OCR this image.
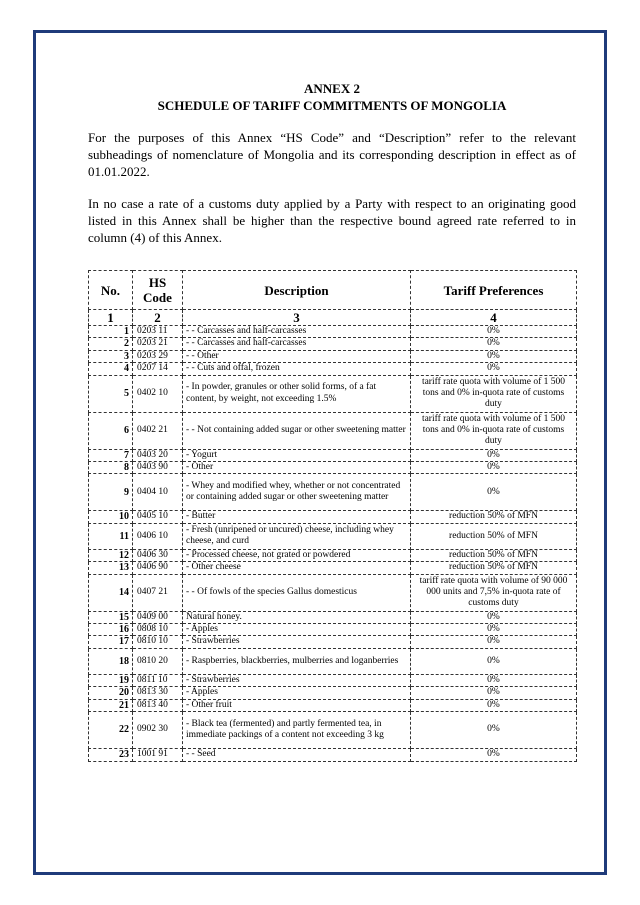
ANNEX 2
SCHEDULE OF TARIFF COMMITMENTS OF MONGOLIA

For the purposes of this Annex “HS Code” and “Description” refer to the relevant subheadings of nomenclature of Mongolia and its corresponding description in effect as of 01.01.2022.

In no case a rate of a customs duty applied by a Party with respect to an originating good listed in this Annex shall be higher than the respective bound agreed rate referred to in column (4) of this Annex.

No.	HS Code	Description	Tariff Preferences
1	2	3	4
1	0203 11	- - Carcasses and half-carcasses	0%
2	0203 21	- - Carcasses and half-carcasses	0%
3	0203 29	- - Other	0%
4	0207 14	- - Cuts and offal, frozen	0%
5	0402 10	- In powder, granules or other solid forms, of a fat content, by weight, not exceeding 1.5%	tariff rate quota with volume of 1 500 tons and 0% in-quota rate of customs duty
6	0402 21	- - Not containing added sugar or other sweetening matter	tariff rate quota with volume of 1 500 tons and 0% in-quota rate of customs duty
7	0403 20	- Yogurt	0%
8	0403 90	- Other	0%
9	0404 10	- Whey and modified whey, whether or not concentrated or containing added sugar or other sweetening matter	0%
10	0405 10	- Butter	reduction 50% of MFN
11	0406 10	- Fresh (unripened or uncured) cheese, including whey cheese, and curd	reduction 50% of MFN
12	0406 30	- Processed cheese, not grated or powdered	reduction 50% of MFN
13	0406 90	- Other cheese	reduction 50% of MFN
14	0407 21	- - Of fowls of the species Gallus domesticus	tariff rate quota with volume of 90 000 000 units and 7,5% in-quota rate of customs duty
15	0409 00	Natural honey.	0%
16	0808 10	- Apples	0%
17	0810 10	- Strawberries	0%
18	0810 20	- Raspberries, blackberries, mulberries and loganberries	0%
19	0811 10	- Strawberries	0%
20	0813 30	- Apples	0%
21	0813 40	- Other fruit	0%
22	0902 30	- Black tea (fermented) and partly fermented tea, in immediate packings of a content not exceeding 3 kg	0%
23	1001 91	- - Seed	0%
